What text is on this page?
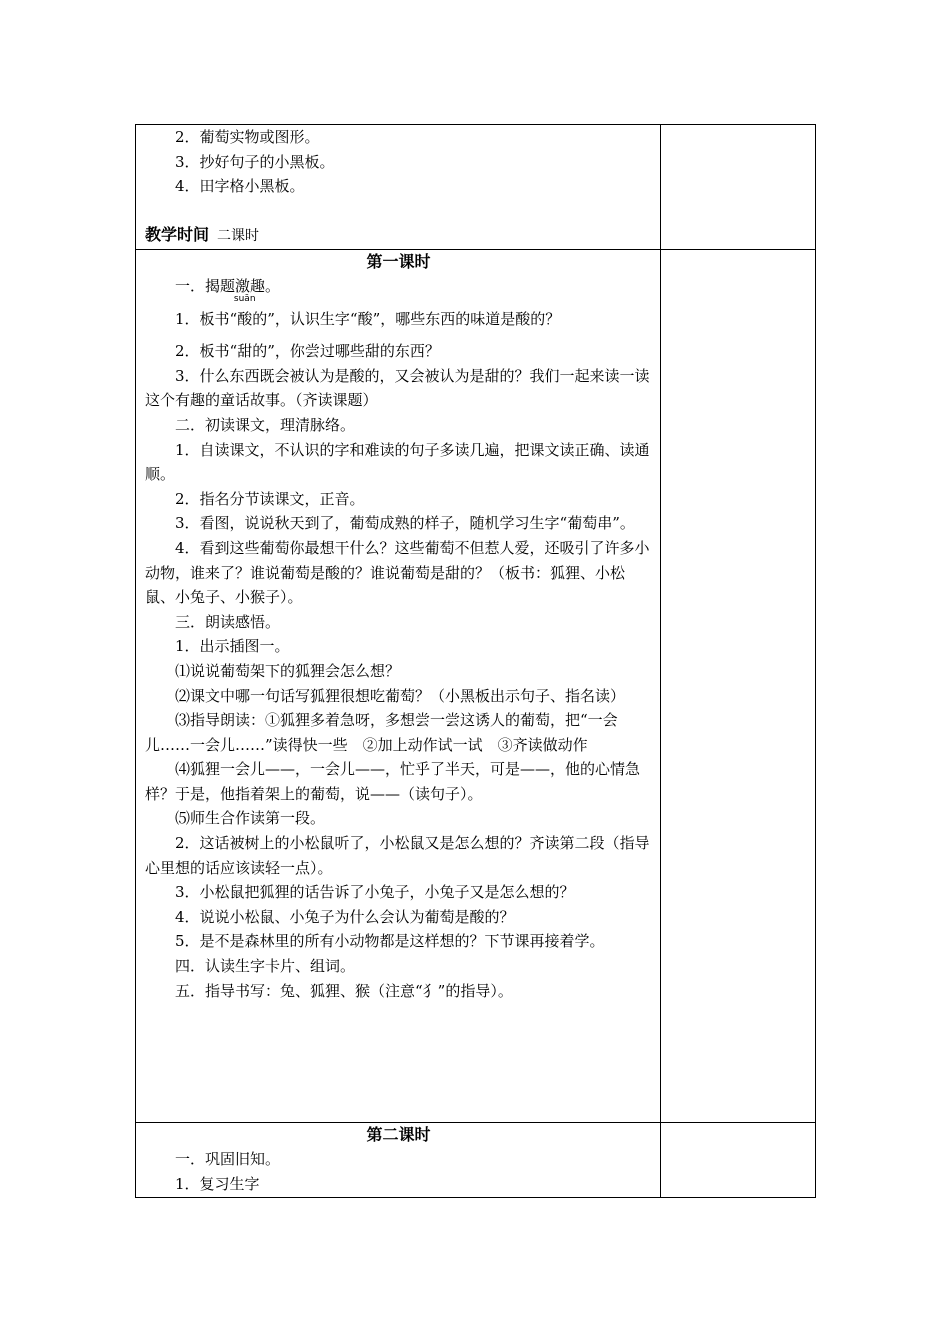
2．葡萄实物或图形。
3．抄好句子的小黑板。
4．田字格小黑板。
教学时间 二课时
第一课时
一．揭题激趣。
1．板书“
suān
酸的”，认识生字“酸”，哪些东西的味道是酸的？
2．板书“甜的”，你尝过哪些甜的东西？
3．什么东西既会被认为是酸的，又会被认为是甜的？我们一起来读一读这个有趣的童话故事。（齐读课题）
二．初读课文，理清脉络。
1．自读课文，不认识的字和难读的句子多读几遍，把课文读正确、读通顺。
2．指名分节读课文，正音。
3．看图，说说秋天到了，葡萄成熟的样子，随机学习生字“葡萄串”。
4．看到这些葡萄你最想干什么？这些葡萄不但惹人爱，还吸引了许多小动物，谁来了？谁说葡萄是酸的？谁说葡萄是甜的？（板书：狐狸、小松鼠、小兔子、小猴子）。
三．朗读感悟。
1．出示插图一。
⑴说说葡萄架下的狐狸会怎么想？
⑵课文中哪一句话写狐狸很想吃葡萄？（小黑板出示句子、指名读）
⑶指导朗读：①狐狸多着急呀，多想尝一尝这诱人的葡萄，把“一会儿……一会儿……”读得快一些　②加上动作试一试　③齐读做动作
⑷狐狸一会儿——，一会儿——，忙乎了半天，可是——，他的心情急样？于是，他指着架上的葡萄，说——（读句子）。
⑸师生合作读第一段。
2．这话被树上的小松鼠听了，小松鼠又是怎么想的？齐读第二段（指导心里想的话应该读轻一点）。
3．小松鼠把狐狸的话告诉了小兔子，小兔子又是怎么想的？
4．说说小松鼠、小兔子为什么会认为葡萄是酸的？
5．是不是森林里的所有小动物都是这样想的？下节课再接着学。
四．认读生字卡片、组词。
五．指导书写：兔、狐狸、猴（注意“犭”的指导）。
第二课时
一．巩固旧知。
1．复习生字
